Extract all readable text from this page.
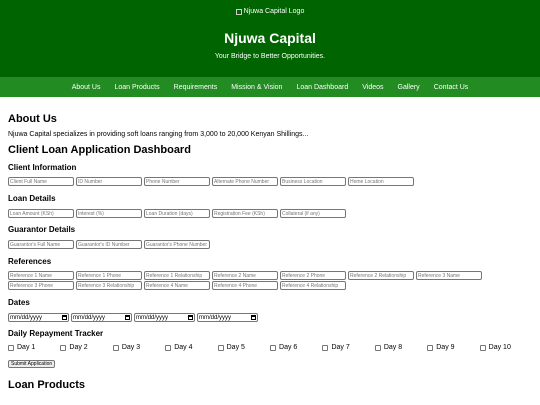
Njuwa Capital Logo
Njuwa Capital
Your Bridge to Better Opportunities.
About Us Loan Products Requirements Mission & Vision Loan Dashboard Videos Gallery Contact Us
About Us

Njuwa Capital specializes in providing soft loans ranging from 3,000 to 20,000 Kenyan Shillings...

Client Loan Application Dashboard
Client Information
Client Full Name	ID Number	Phone Number	Alternate Phone Number	Business Location	Home Location
Loan Details
Loan Amount (KSh)	Interest (%)	Loan Duration (days)	Registration Fee (KSh)	Collateral (if any)
Guarantor Details
Guarantor's Full Name	Guarantor's ID Number	Guarantor's Phone Number
References
Reference 1 Name	Reference 1 Phone	Reference 1 Relationship	Reference 2 Name	Reference 2 Phone	Reference 2 Relationship	Reference 3 Name
Reference 3 Phone	Reference 3 Relationship	Reference 4 Name	Reference 4 Phone	Reference 4 Relationship
Dates
mm/dd/yyyy	mm/dd/yyyy	mm/dd/yyyy	mm/dd/yyyy
Daily Repayment Tracker
Day 1	Day 2	Day 3	Day 4	Day 5	Day 6	Day 7	Day 8	Day 9	Day 10
Submit Application
Loan Products
